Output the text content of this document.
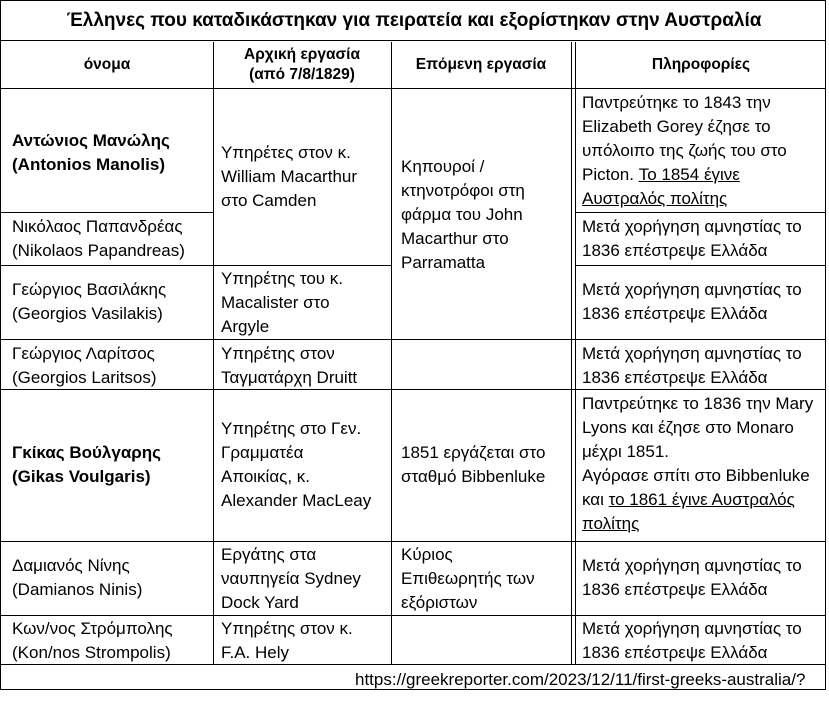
Έλληνες που καταδικάστηκαν για πειρατεία και εξορίστηκαν στην Αυστραλία
όνομα
Αρχική εργασία
(από 7/8/1829)
Επόμενη εργασία	Πληροφορίες
Αντώνιος Μανώλης
(Antonios Manolis)
Παντρεύτηκε το 1843 την
Elizabeth Gorey έζησε το
υπόλοιπο της ζωής του στο
Picton. Το 1854 έγινε
Αυστραλός πολίτης
Υπηρέτες στον κ.
William Macarthur
στο Camden
Κηπουροί /
κτηνοτρόφοι στη
φάρμα του John
Macarthur στο
Parramatta
Νικόλαος Παπανδρέας
(Nikolaos Papandreas)
Μετά χορήγηση αμνηστίας το
1836 επέστρεψε Ελλάδα
Γεώργιος Βασιλάκης
(Georgios Vasilakis)
Υπηρέτης του κ.
Macalister στο
Argyle
Μετά χορήγηση αμνηστίας το
1836 επέστρεψε Ελλάδα
Γεώργιος Λαρίτσος
(Georgios Laritsos)
Υπηρέτης στον
Ταγματάρχη Druitt
Μετά χορήγηση αμνηστίας το
1836 επέστρεψε Ελλάδα
Γκίκας Βούλγαρης
(Gikas Voulgaris)
Υπηρέτης στο Γεν.
Γραμματέα
Αποικίας, κ.
Alexander MacLeay
1851 εργάζεται στο
σταθμό Bibbenluke
Παντρεύτηκε το 1836 την Mary
Lyons και έζησε στο Monaro
μέχρι 1851.
Αγόρασε σπίτι στο Bibbenluke
και το 1861 έγινε Αυστραλός
πολίτης
Δαμιανός Νίνης
(Damianos Ninis)
Εργάτης στα
ναυπηγεία Sydney
Dock Yard
Κύριος
Επιθεωρητής των
εξόριστων
Μετά χορήγηση αμνηστίας το
1836 επέστρεψε Ελλάδα
Κων/νος Στρόμπολης
(Kon/nos Strompolis)
Υπηρέτης στον κ.
F.A. Hely
Μετά χορήγηση αμνηστίας το
1836 επέστρεψε Ελλάδα
https://greekreporter.com/2023/12/11/first-greeks-australia/?
